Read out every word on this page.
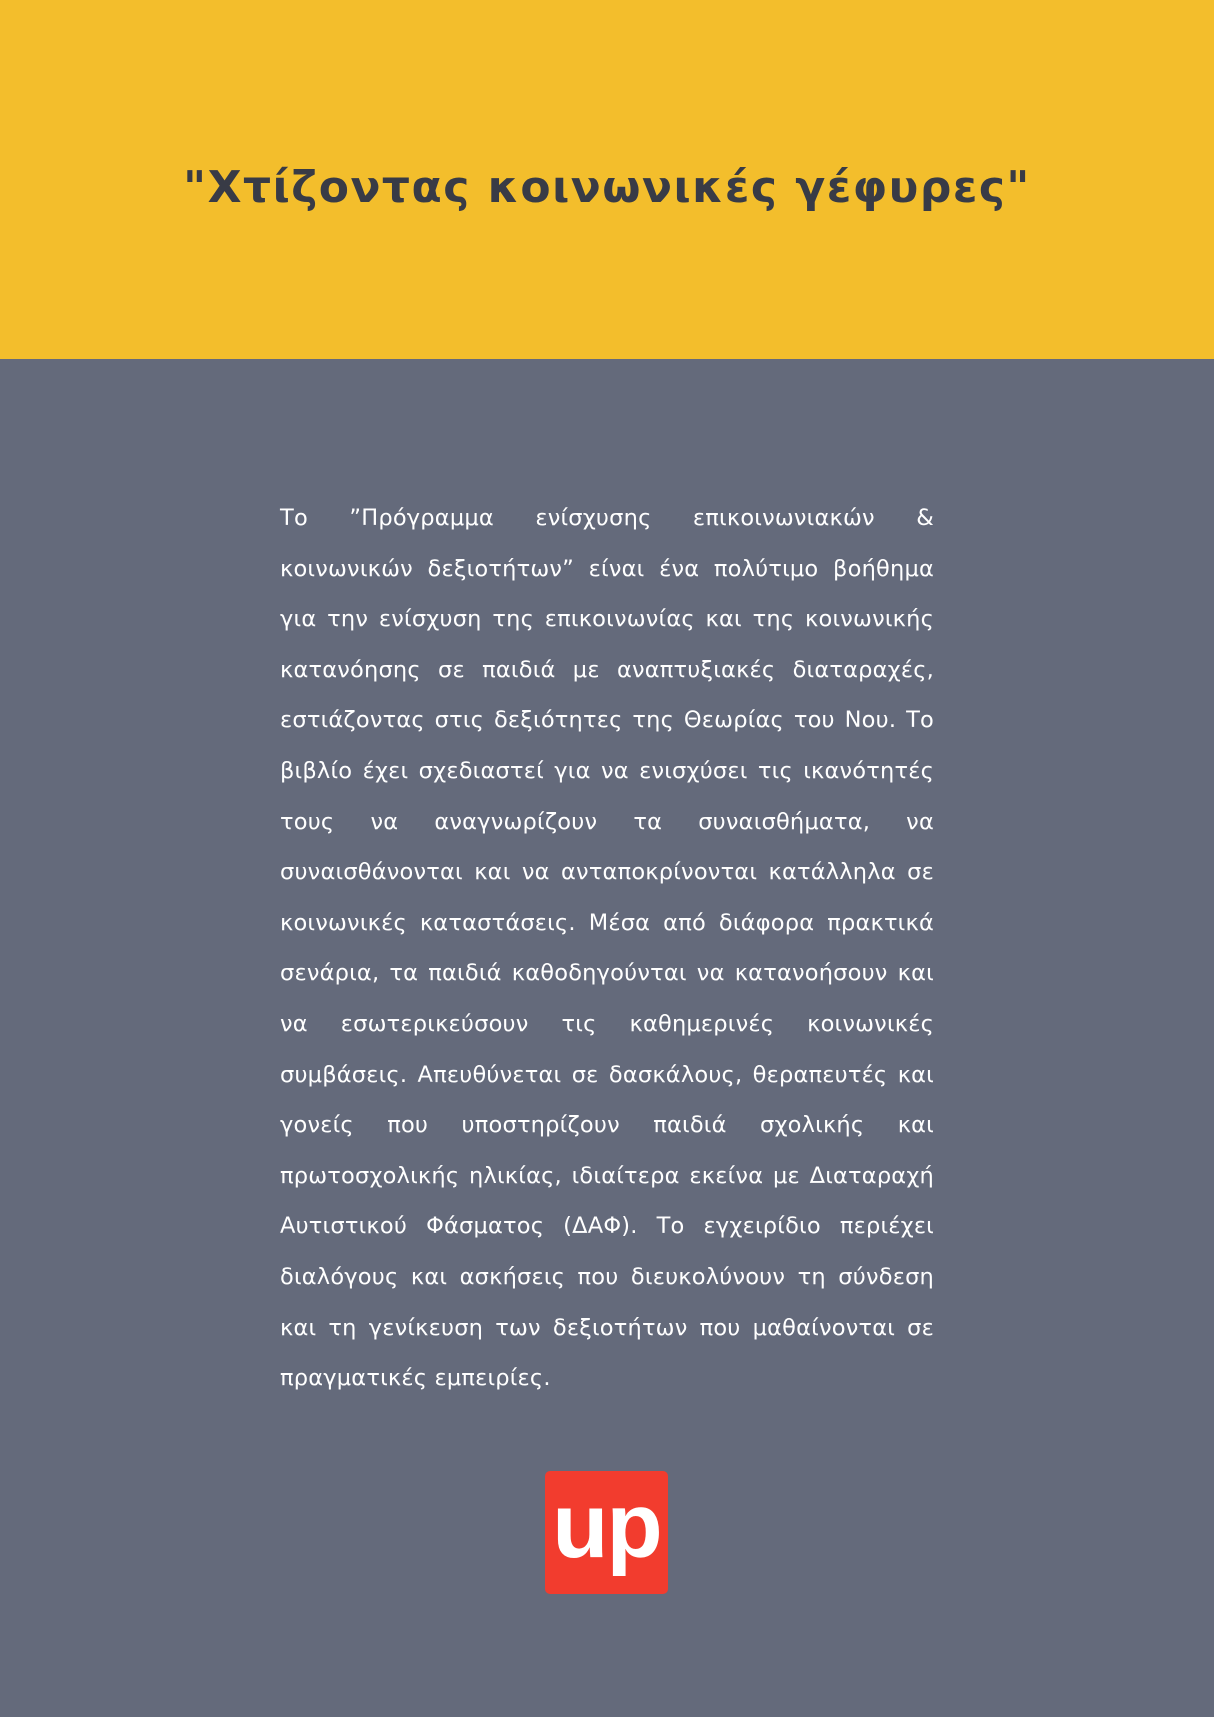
"Χτίζοντας κοινωνικές γέφυρες"

Το ”Πρόγραμμα ενίσχυσης επικοινωνιακών & κοινωνικών δεξιοτήτων” είναι ένα πολύτιμο βοήθημα για την ενίσχυση της επικοινωνίας και της κοινωνικής κατανόησης σε παιδιά με αναπτυξιακές διαταραχές, εστιάζοντας στις δεξιότητες της Θεωρίας του Νου. Το βιβλίο έχει σχεδιαστεί για να ενισχύσει τις ικανότητές τους να αναγνωρίζουν τα συναισθήματα, να συναισθάνονται και να ανταποκρίνονται κατάλληλα σε κοινωνικές καταστάσεις. Μέσα από διάφορα πρακτικά σενάρια, τα παιδιά καθοδηγούνται να κατανοήσουν και να εσωτερικεύσουν τις καθημερινές κοινωνικές συμβάσεις. Απευθύνεται σε δασκάλους, θεραπευτές και γονείς που υποστηρίζουν παιδιά σχολικής και πρωτοσχολικής ηλικίας, ιδιαίτερα εκείνα με Διαταραχή Αυτιστικού Φάσματος (ΔΑΦ). Το εγχειρίδιο περιέχει διαλόγους και ασκήσεις που διευκολύνουν τη σύνδεση και τη γενίκευση των δεξιοτήτων που μαθαίνονται σε πραγματικές εμπειρίες.

up
